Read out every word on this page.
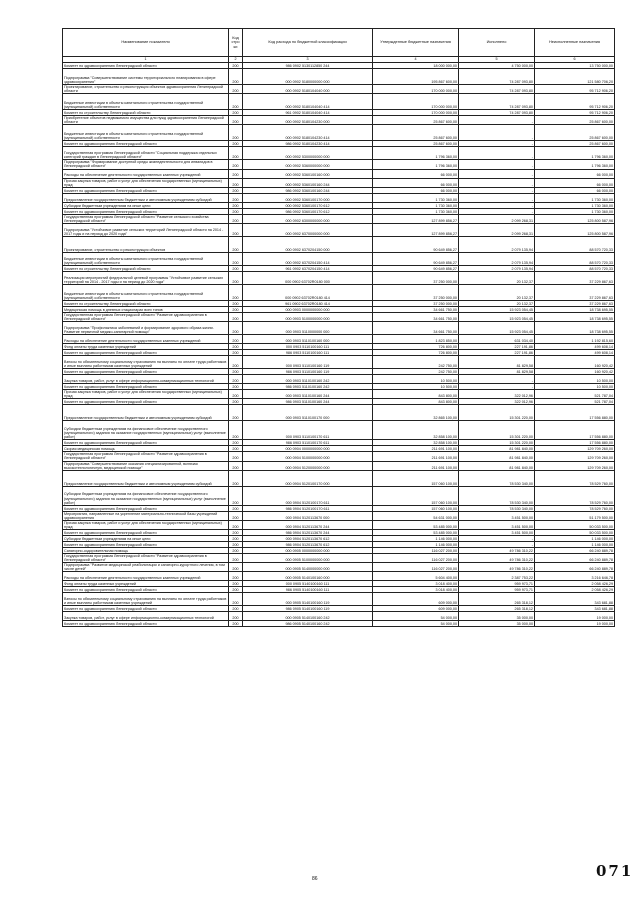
Наименование показателя	Код стро ки	Код расхода по бюджетной классификации	Утвержденные бюджетные назначения	Исполнено	Неисполненные назначения
1	2	3	4	5	6
Комитет по здравоохранению Ленинградской области	200	986 0902 5130112850 244	18 000 000,00	4 750 000,00	13 750 000,00
Подпрограмма "Совершенствование системы территориального планирования в сфере здравоохранения"	200	000 0902 5180000000 000	195 867 600,00	74 287 093,80	121 580 706,20
Проектирование, строительство и реконструкция объектов здравоохранения Ленинградской области	200	000 0902 5180104040 000	170 000 000,00	74 287 093,80	95 712 906,20
Бюджетные инвестиции в объекты капитального строительства государственной (муниципальной) собственности	200	000 0902 5180104040 414	170 000 000,00	74 287 093,80	95 712 906,20
Комитет по строительству Ленинградской области	200	961 0902 5180104040 414	170 000 000,00	74 287 093,80	95 712 906,20
Приобретение объектов недвижимого имущества для нужд здравоохранения Ленинградской области	200	000 0902 5180104230 000	25 867 600,00	-	25 867 600,00
Бюджетные инвестиции в объекты капитального строительства государственной (муниципальной) собственности	200	000 0902 5180104230 414	25 867 600,00	-	25 867 600,00
Комитет по здравоохранению Ленинградской области	200	986 0902 5180104230 414	25 867 600,00	-	25 867 600,00
Государственная программа Ленинградской области "Социальная поддержка отдельных категорий граждан в Ленинградской области"	200	000 0902 5300000000 000	1 796 360,00	-	1 796 360,00
Подпрограмма "Формирование доступной среды жизнедеятельности для инвалидов в Ленинградской области"	200	000 0902 5360000000 000	1 796 360,00	-	1 796 360,00
Расходы на обеспечение деятельности государственных казенных учреждений	200	000 0902 5360100160 000	66 000,00	-	66 000,00
Прочая закупка товаров, работ и услуг для обеспечения государственных (муниципальных) нужд	200	000 0902 5360100160 244	66 000,00	-	66 000,00
Комитет по здравоохранению Ленинградской области	200	986 0902 5360100160 244	66 000,00	-	66 000,00
Предоставление государственным бюджетным и автономным учреждениям субсидий	200	000 0902 5360100170 000	1 730 360,00	-	1 730 360,00
Субсидии бюджетным учреждениям на иные цели	200	000 0902 5360100170 612	1 730 360,00	-	1 730 360,00
Комитет по здравоохранению Ленинградской области	200	986 0902 5360100170 612	1 730 360,00	-	1 730 360,00
Государственная программа Ленинградской области "Развитие сельского хозяйства Ленинградской области"	200	000 0902 6300000000 000	127 899 856,27	2 099 268,31	125 800 587,96
Подпрограмма "Устойчивое развитие сельских территорий Ленинградской области на 2014 - 2017 годы и на период до 2020 года"	200	000 0902 6370000000 000	127 899 856,27	2 099 268,31	125 800 587,96
Проектирование, строительство и реконструкция объектов	200	000 0902 6370204150 000	90 649 856,27	2 079 135,94	88 570 720,33
Бюджетные инвестиции в объекты капитального строительства государственной (муниципальной) собственности	200	000 0902 6370204150 414	90 649 856,27	2 079 135,94	88 570 720,33
Комитет по строительству Ленинградской области	200	961 0902 6370204150 414	90 649 856,27	2 079 135,94	88 570 720,33
Реализация мероприятий федеральной целевой программы "Устойчивое развитие сельских территорий на 2014 - 2017 годы и на период до 2020 года"	200	000 0902 63702R0180 000	37 250 000,00	20 132,37	37 229 867,63
Бюджетные инвестиции в объекты капитального строительства государственной (муниципальной) собственности	200	000 0902 63702R0180 414	37 250 000,00	20 132,37	37 229 867,63
Комитет по строительству Ленинградской области	200	961 0902 63702R0180 414	37 250 000,00	20 132,37	37 229 867,63
Медицинская помощь в дневных стационарах всех типов	200	000 0903 0000000000 000	34 661 750,00	15 923 054,45	18 738 695,55
Государственная программа Ленинградской области "Развитие здравоохранения в Ленинградской области"	200	000 0903 5100000000 000	34 661 750,00	15 923 054,45	18 738 695,55
Подпрограмма "Профилактика заболеваний и формирование здорового образа жизни. Развитие первичной медико-санитарной помощи"	200	000 0903 5110000000 000	34 661 750,00	15 923 054,45	18 738 695,55
Расходы на обеспечение деятельности государственных казенных учреждений	200	000 0903 5110100160 000	1 823 850,00	631 034,40	1 192 815,60
Фонд оплаты труда казенных учреждений	200	000 0903 5110100160 111	726 800,00	227 191,86	499 608,14
Комитет по здравоохранению Ленинградской области	200	986 0903 5110100160 111	726 800,00	227 191,86	499 608,14
Взносы по обязательному социальному страхованию на выплаты по оплате труда работников и иные выплаты работникам казенных учреждений	200	000 0903 5110100160 119	242 750,00	81 829,58	160 920,42
Комитет по здравоохранению Ленинградской области	200	986 0903 5110100160 119	242 750,00	81 829,58	160 920,42
Закупка товаров, работ, услуг в сфере информационно-коммуникационных технологий	200	000 0903 5110100160 242	10 500,00	-	10 500,00
Комитет по здравоохранению Ленинградской области	200	986 0903 5110100160 242	10 500,00	-	10 500,00
Прочая закупка товаров, работ и услуг для обеспечения государственных (муниципальных) нужд	200	000 0903 5110100160 244	843 800,00	322 012,96	521 787,04
Комитет по здравоохранению Ленинградской области	200	986 0903 5110100160 244	843 800,00	322 012,96	521 787,04
Предоставление государственным бюджетным и автономным учреждениям субсидий	200	000 0903 5110100170 000	32 865 100,00	15 301 220,00	17 556 880,00
Субсидии бюджетным учреждениям на финансовое обеспечение государственного (муниципального) задания на оказание государственных (муниципальных) услуг (выполнение работ)	200	000 0903 5110100170 611	32 858 100,00	15 301 220,00	17 556 880,00
Комитет по здравоохранению Ленинградской области	200	986 0903 5110100170 611	32 858 100,00	15 301 220,00	17 556 880,00
Скорая медицинская помощь	200	000 0904 0000000000 000	211 691 100,00	81 981 840,00	129 709 260,00
Государственная программа Ленинградской области "Развитие здравоохранения в Ленинградской области"	200	000 0904 5100000000 000	211 691 100,00	81 981 840,00	129 709 260,00
Подпрограмма "Совершенствование оказания специализированной, включая высокотехнологичную, медицинской помощи"	200	000 0904 5120000000 000	211 691 100,00	81 981 840,00	129 709 260,00
Предоставление государственным бюджетным и автономным учреждениям субсидий	200	000 0904 5120100170 000	157 060 100,00	78 530 340,00	78 529 760,00
Субсидии бюджетным учреждениям на финансовое обеспечение государственного (муниципального) задания на оказание государственных (муниципальных) услуг (выполнение работ)	200	000 0904 5120100170 611	157 060 100,00	78 530 340,00	78 529 760,00
Комитет по здравоохранению Ленинградской области	200	986 0904 5120100170 611	157 060 100,00	78 530 340,00	78 529 760,00
Мероприятия, направленные на укрепление материально-технической базы учреждений здравоохранения	200	000 0904 5120113670 000	54 631 000,00	3 451 500,00	51 179 500,00
Прочая закупка товаров, работ и услуг для обеспечения государственных (муниципальных) нужд	200	000 0904 5120113670 244	53 485 000,00	3 451 500,00	50 033 500,00
Комитет по здравоохранению Ленинградской области	200	986 0904 5120113670 244	53 485 000,00	3 451 500,00	50 033 500,00
Субсидии бюджетным учреждениям на иные цели	200	000 0904 5120113670 612	1 146 000,00	-	1 146 000,00
Комитет по здравоохранению Ленинградской области	200	986 0904 5120113670 612	1 146 000,00	-	1 146 000,00
Санаторно-оздоровительная помощь	200	000 0905 0000000000 000	116 027 200,00	49 786 310,22	66 240 889,78
Государственная программа Ленинградской области "Развитие здравоохранения в Ленинградской области"	200	000 0905 5100000000 000	116 027 200,00	49 786 310,22	66 240 889,78
Подпрограмма "Развитие медицинской реабилитации и санаторно-курортного лечения, в том числе детей"	200	000 0905 5140000000 000	116 027 200,00	49 786 310,22	66 240 889,78
Расходы на обеспечение деятельности государственных казенных учреждений	200	000 0905 5140100160 000	5 604 400,00	2 387 753,22	3 216 646,78
Фонд оплаты труда казенных учреждений	200	000 0905 5140100160 111	3 018 400,00	959 973,71	2 058 426,29
Комитет по здравоохранению Ленинградской области	200	986 0905 5140100160 111	3 018 400,00	959 973,71	2 058 426,29
Взносы по обязательному социальному страхованию на выплаты по оплате труда работников и иные выплаты работникам казенных учреждений	200	000 0905 5140100160 119	609 000,00	265 318,12	343 681,88
Комитет по здравоохранению Ленинградской области	200	986 0905 5140100160 119	609 000,00	265 318,12	343 681,88
Закупка товаров, работ, услуг в сфере информационно-коммуникационных технологий	200	000 0905 5140100160 242	54 000,00	35 000,00	19 000,00
Комитет по здравоохранению Ленинградской области	200	986 0905 5140100160 242	54 000,00	35 000,00	19 000,00
86	071
